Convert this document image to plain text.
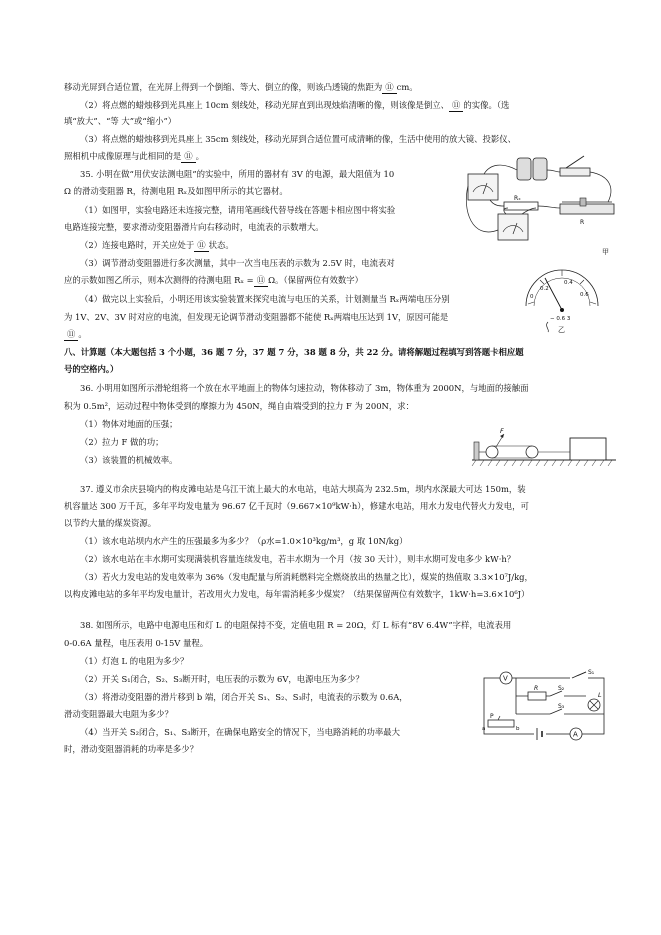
移动光屏到合适位置，在光屏上得到一个倒缩、等大、倒立的像，则该凸透镜的焦距为 ⑪ cm。
（2）将点燃的蜡烛移到光具座上 10cm 刻线处，移动光屏直到出现烛焰清晰的像，则该像是倒立、 ⑪ 的实像。（选
填“放大”、“等 大”或“缩小”）
（3）将点燃的蜡烛移到光具座上 35cm 刻线处，移动光屏到合适位置可成清晰的像，生活中使用的放大镜、投影仪、
照相机中成像原理与此相同的是 ⑪ 。
35. 小明在做“用伏安法测电阻”的实验中，所用的器材有 3V 的电源，最大阻值为 10
Ω 的滑动变阻器 R，待测电阻 Rₓ及如图甲所示的其它器材。
（1）如图甲，实验电路还未连接完整，请用笔画线代替导线在答题卡相应图中将实验
电路连接完整，要求滑动变阻器滑片向右移动时，电流表的示数增大。
（2）连接电路时，开关应处于 ⑪ 状态。
（3）调节滑动变阻器进行多次测量，其中一次当电压表的示数为 2.5V 时，电流表对
应的示数如图乙所示，则本次测得的待测电阻 Rₓ = ⑪ Ω。（保留两位有效数字）
（4）做完以上实验后，小明还用该实验装置来探究电流与电压的关系，计划测量当 Rₓ两端电压分别
为 1V、2V、3V 时对应的电流，但发现无论调节滑动变阻器都不能使 Rₓ两端电压达到 1V，原因可能是
⑪ 。
八、计算题（本大题包括 3 个小题，36 题 7 分，37 题 7 分，38 题 8 分，共 22 分。请将解题过程填写到答题卡相应题
号的空格内。）
36. 小明用如图所示滑轮组将一个放在水平地面上的物体匀速拉动，物体移动了 3m，物体重为 2000N，与地面的接触面
积为 0.5m²，运动过程中物体受到的摩擦力为 450N，绳自由端受到的拉力 F 为 200N，求：
（1）物体对地面的压强；
（2）拉力 F 做的功；
（3）该装置的机械效率。
37. 遵义市余庆县境内的构皮滩电站是乌江干流上最大的水电站，电站大坝高为 232.5m，坝内水深最大可达 150m，装
机容量达 300 万千瓦，多年平均发电量为 96.67 亿千瓦时（9.667×10⁹kW·h），修建水电站，用水力发电代替火力发电，可
以节约大量的煤炭资源。
（1）该水电站坝内水产生的压强最多为多少？（ρ水=1.0×10³kg/m³，g 取 10N/kg）
（2）该水电站在丰水期可实现满装机容量连续发电，若丰水期为一个月（按 30 天计），则丰水期可发电多少 kW·h？
（3）若火力发电站的发电效率为 36%（发电配量与所消耗燃料完全燃烧放出的热量之比），煤炭的热值取 3.3×10⁷J/kg，
以构皮滩电站的多年平均发电量计，若改用火力发电，每年需消耗多少煤炭？（结果保留两位有效数字，1kW·h=3.6×10⁶J）
38. 如图所示，电路中电源电压和灯 L 的电阻保持不变，定值电阻 R = 20Ω，灯 L 标有“8V 6.4W”字样，电流表用
0-0.6A 量程，电压表用 0-15V 量程。
（1）灯泡 L 的电阻为多少？
（2）开关 S₁闭合，S₂、S₃断开时，电压表的示数为 6V，电源电压为多少？
（3）将滑动变阻器的滑片移到 b 端，闭合开关 S₁、S₂、S₃时，电流表的示数为 0.6A，
滑动变阻器最大电阻为多少？
（4）当开关 S₂闭合，S₁、S₃断开，在确保电路安全的情况下，当电路消耗的功率最大
时，滑动变阻器消耗的功率是多少？
Rₓ
R
甲
0
0.2
0.4
0.6
− 0.6 3
乙
F
V
S₁
R	S₂
S₃
L
P
a	b
A
